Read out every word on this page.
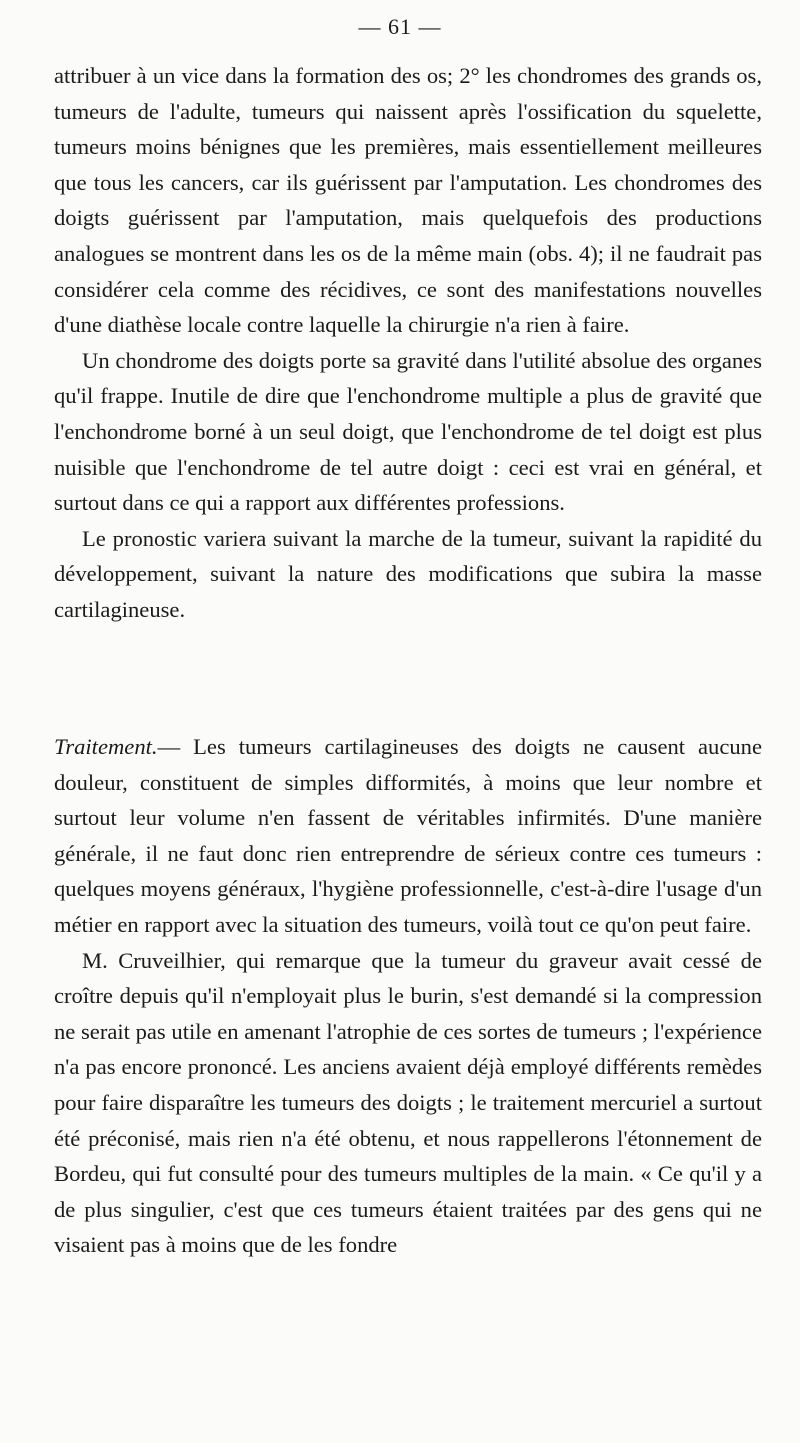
— 61 —

attribuer à un vice dans la formation des os; 2° les chondromes des grands os, tumeurs de l'adulte, tumeurs qui naissent après l'ossification du squelette, tumeurs moins bénignes que les premières, mais essentiellement meilleures que tous les cancers, car ils guérissent par l'amputation. Les chondromes des doigts guérissent par l'amputation, mais quelquefois des productions analogues se montrent dans les os de la même main (obs. 4); il ne faudrait pas considérer cela comme des récidives, ce sont des manifestations nouvelles d'une diathèse locale contre laquelle la chirurgie n'a rien à faire.

Un chondrome des doigts porte sa gravité dans l'utilité absolue des organes qu'il frappe. Inutile de dire que l'enchondrome multiple a plus de gravité que l'enchondrome borné à un seul doigt, que l'enchondrome de tel doigt est plus nuisible que l'enchondrome de tel autre doigt : ceci est vrai en général, et surtout dans ce qui a rapport aux différentes professions.

Le pronostic variera suivant la marche de la tumeur, suivant la rapidité du développement, suivant la nature des modifications que subira la masse cartilagineuse.

Traitement.— Les tumeurs cartilagineuses des doigts ne causent aucune douleur, constituent de simples difformités, à moins que leur nombre et surtout leur volume n'en fassent de véritables infirmités. D'une manière générale, il ne faut donc rien entreprendre de sérieux contre ces tumeurs : quelques moyens généraux, l'hygiène professionnelle, c'est-à-dire l'usage d'un métier en rapport avec la situation des tumeurs, voilà tout ce qu'on peut faire.

M. Cruveilhier, qui remarque que la tumeur du graveur avait cessé de croître depuis qu'il n'employait plus le burin, s'est demandé si la compression ne serait pas utile en amenant l'atrophie de ces sortes de tumeurs ; l'expérience n'a pas encore prononcé. Les anciens avaient déjà employé différents remèdes pour faire disparaître les tumeurs des doigts ; le traitement mercuriel a surtout été préconisé, mais rien n'a été obtenu, et nous rappellerons l'étonnement de Bordeu, qui fut consulté pour des tumeurs multiples de la main. « Ce qu'il y a de plus singulier, c'est que ces tumeurs étaient traitées par des gens qui ne visaient pas à moins que de les fondre
